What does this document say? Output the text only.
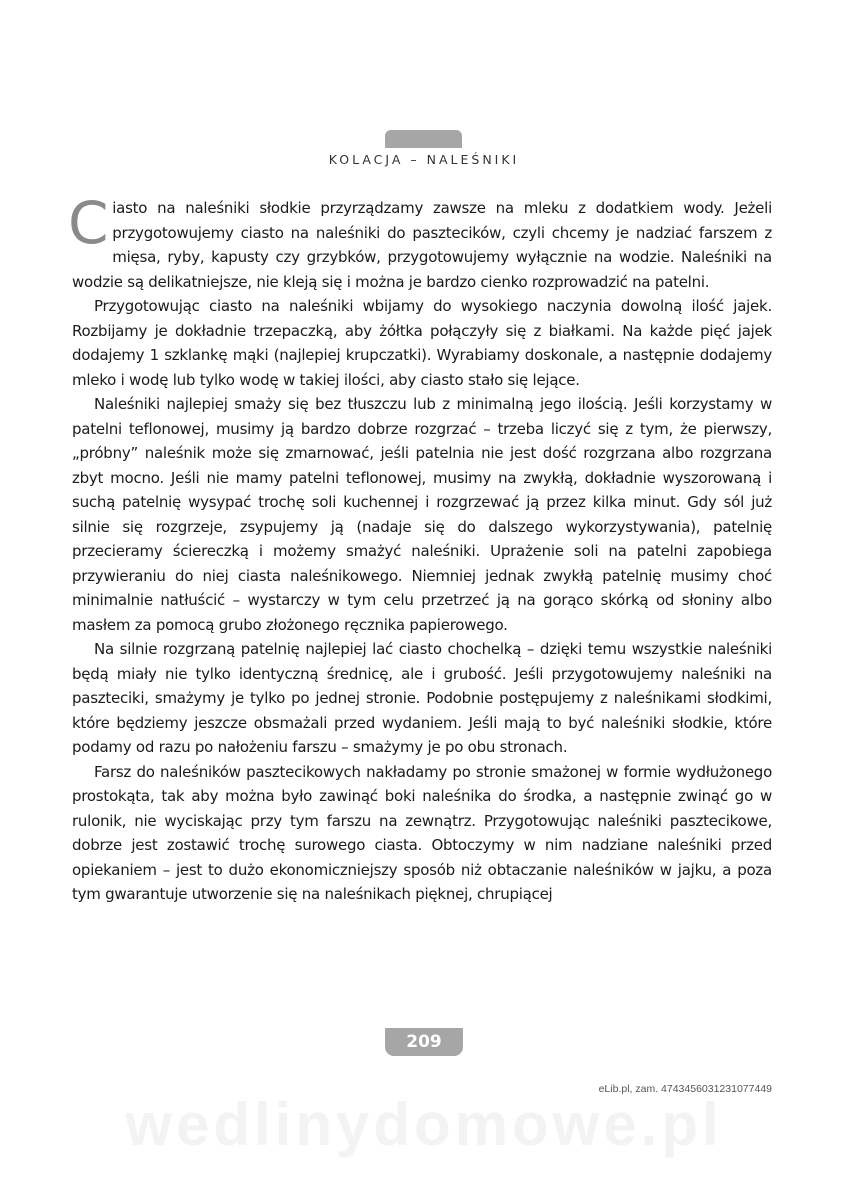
KOLACJA – NALEŚNIKI

Ciasto na naleśniki słodkie przyrządzamy zawsze na mleku z dodatkiem wody. Jeżeli przygotowujemy ciasto na naleśniki do pasztecików, czyli chcemy je nadziać farszem z mięsa, ryby, kapusty czy grzybków, przygotowujemy wyłącznie na wodzie. Naleśniki na wodzie są delikatniejsze, nie kleją się i można je bardzo cienko rozprowadzić na patelni.

Przygotowując ciasto na naleśniki wbijamy do wysokiego naczynia dowolną ilość jajek. Rozbijamy je dokładnie trzepaczką, aby żółtka połączyły się z białkami. Na każde pięć jajek dodajemy 1 szklankę mąki (najlepiej krupczatki). Wyrabiamy doskonale, a następnie dodajemy mleko i wodę lub tylko wodę w takiej ilości, aby ciasto stało się lejące.

Naleśniki najlepiej smaży się bez tłuszczu lub z minimalną jego ilością. Jeśli korzystamy w patelni teflonowej, musimy ją bardzo dobrze rozgrzać – trzeba liczyć się z tym, że pierwszy, „próbny” naleśnik może się zmarnować, jeśli patelnia nie jest dość rozgrzana albo rozgrzana zbyt mocno. Jeśli nie mamy patelni teflonowej, musimy na zwykłą, dokładnie wyszorowaną i suchą patelnię wysypać trochę soli kuchennej i rozgrzewać ją przez kilka minut. Gdy sól już silnie się rozgrzeje, zsypujemy ją (nadaje się do dalszego wykorzystywania), patelnię przecieramy ściereczką i możemy smażyć naleśniki. Uprażenie soli na patelni zapobiega przywieraniu do niej ciasta naleśnikowego. Niemniej jednak zwykłą patelnię musimy choć minimalnie natłuścić – wystarczy w tym celu przetrzeć ją na gorąco skórką od słoniny albo masłem za pomocą grubo złożonego ręcznika papierowego.

Na silnie rozgrzaną patelnię najlepiej lać ciasto chochelką – dzięki temu wszystkie naleśniki będą miały nie tylko identyczną średnicę, ale i grubość. Jeśli przygotowujemy naleśniki na paszteciki, smażymy je tylko po jednej stronie. Podobnie postępujemy z naleśnikami słodkimi, które będziemy jeszcze obsmażali przed wydaniem. Jeśli mają to być naleśniki słodkie, które podamy od razu po nałożeniu farszu – smażymy je po obu stronach.

Farsz do naleśników pasztecikowych nakładamy po stronie smażonej w formie wydłużonego prostokąta, tak aby można było zawinąć boki naleśnika do środka, a następnie zwinąć go w rulonik, nie wyciskając przy tym farszu na zewnątrz. Przygotowując naleśniki pasztecikowe, dobrze jest zostawić trochę surowego ciasta. Obtoczymy w nim nadziane naleśniki przed opiekaniem – jest to dużo ekonomiczniejszy sposób niż obtaczanie naleśników w jajku, a poza tym gwarantuje utworzenie się na naleśnikach pięknej, chrupiącej

209
eLib.pl, zam. 4743456031231077449
wedlinydomowe.pl
